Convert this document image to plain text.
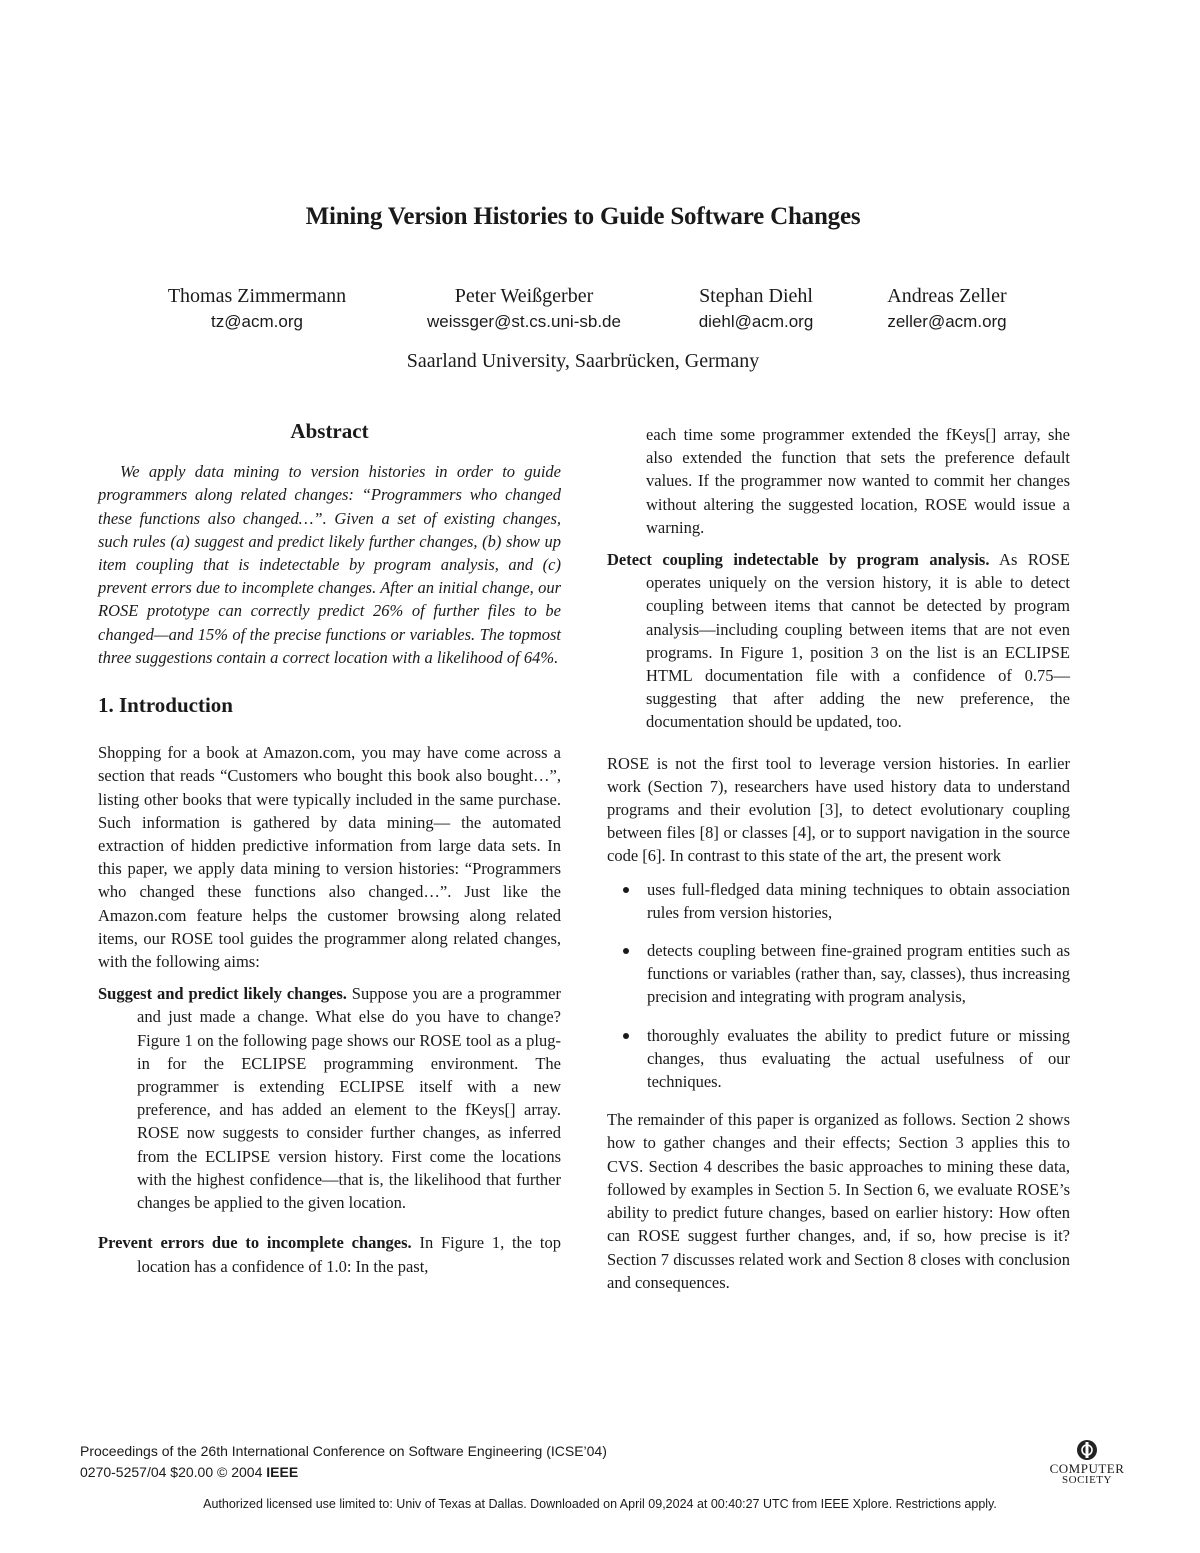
Mining Version Histories to Guide Software Changes
Thomas Zimmermann
tz@acm.org
Peter Weißgerber
weissger@st.cs.uni-sb.de
Stephan Diehl
diehl@acm.org
Andreas Zeller
zeller@acm.org
Saarland University, Saarbrücken, Germany
Abstract

We apply data mining to version histories in order to guide programmers along related changes: “Programmers who changed these functions also changed…”. Given a set of existing changes, such rules (a) suggest and predict likely further changes, (b) show up item coupling that is indetectable by program analysis, and (c) prevent errors due to incomplete changes. After an initial change, our ROSE prototype can correctly predict 26% of further files to be changed—and 15% of the precise functions or variables. The topmost three suggestions contain a correct location with a likelihood of 64%.

1. Introduction

Shopping for a book at Amazon.com, you may have come across a section that reads “Customers who bought this book also bought…”, listing other books that were typically included in the same purchase. Such information is gathered by data mining— the automated extraction of hidden predictive information from large data sets. In this paper, we apply data mining to version histories: “Programmers who changed these functions also changed…”. Just like the Amazon.com feature helps the customer browsing along related items, our ROSE tool guides the programmer along related changes, with the following aims:

Suggest and predict likely changes. Suppose you are a programmer and just made a change. What else do you have to change? Figure 1 on the following page shows our ROSE tool as a plug-in for the ECLIPSE programming environment. The programmer is extending ECLIPSE itself with a new preference, and has added an element to the fKeys[] array. ROSE now suggests to consider further changes, as inferred from the ECLIPSE version history. First come the locations with the highest confidence—that is, the likelihood that further changes be applied to the given location.

Prevent errors due to incomplete changes. In Figure 1, the top location has a confidence of 1.0: In the past,

each time some programmer extended the fKeys[] array, she also extended the function that sets the preference default values. If the programmer now wanted to commit her changes without altering the suggested location, ROSE would issue a warning.

Detect coupling indetectable by program analysis. As ROSE operates uniquely on the version history, it is able to detect coupling between items that cannot be detected by program analysis—including coupling between items that are not even programs. In Figure 1, position 3 on the list is an ECLIPSE HTML documentation file with a confidence of 0.75—suggesting that after adding the new preference, the documentation should be updated, too.

ROSE is not the first tool to leverage version histories. In earlier work (Section 7), researchers have used history data to understand programs and their evolution [3], to detect evolutionary coupling between files [8] or classes [4], or to support navigation in the source code [6]. In contrast to this state of the art, the present work

uses full-fledged data mining techniques to obtain association rules from version histories,
detects coupling between fine-grained program entities such as functions or variables (rather than, say, classes), thus increasing precision and integrating with program analysis,
thoroughly evaluates the ability to predict future or missing changes, thus evaluating the actual usefulness of our techniques.

The remainder of this paper is organized as follows. Section 2 shows how to gather changes and their effects; Section 3 applies this to CVS. Section 4 describes the basic approaches to mining these data, followed by examples in Section 5. In Section 6, we evaluate ROSE’s ability to predict future changes, based on earlier history: How often can ROSE suggest further changes, and, if so, how precise is it? Section 7 discusses related work and Section 8 closes with conclusion and consequences.

Proceedings of the 26th International Conference on Software Engineering (ICSE’04)
0270-5257/04 $20.00 © 2004 IEEE	COMPUTER
SOCIETY
Authorized licensed use limited to: Univ of Texas at Dallas. Downloaded on April 09,2024 at 00:40:27 UTC from IEEE Xplore. Restrictions apply.
